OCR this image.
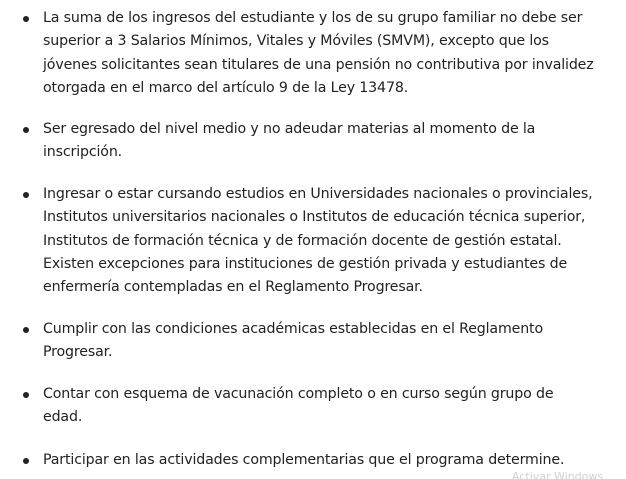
La suma de los ingresos del estudiante y los de su grupo familiar no debe ser
superior a 3 Salarios Mínimos, Vitales y Móviles (SMVM), excepto que los
jóvenes solicitantes sean titulares de una pensión no contributiva por invalidez
otorgada en el marco del artículo 9 de la Ley 13478.
Ser egresado del nivel medio y no adeudar materias al momento de la
inscripción.
Ingresar o estar cursando estudios en Universidades nacionales o provinciales,
Institutos universitarios nacionales o Institutos de educación técnica superior,
Institutos de formación técnica y de formación docente de gestión estatal.
Existen excepciones para instituciones de gestión privada y estudiantes de
enfermería contempladas en el Reglamento Progresar.
Cumplir con las condiciones académicas establecidas en el Reglamento
Progresar.
Contar con esquema de vacunación completo o en curso según grupo de
edad.
Participar en las actividades complementarias que el programa determine.
Activar Windows
